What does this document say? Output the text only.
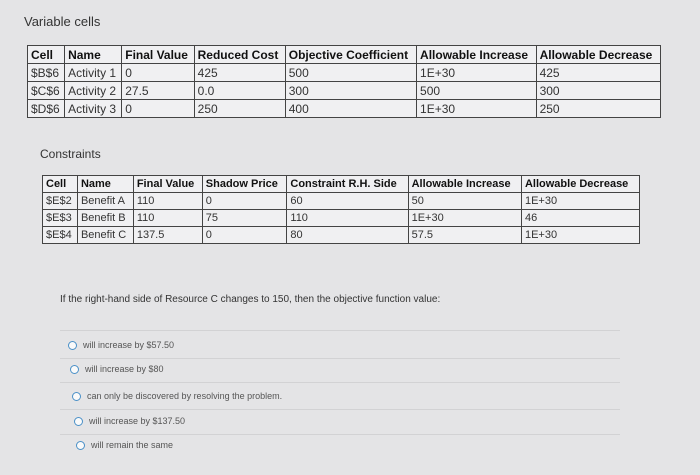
Variable cells
Cell	Name	Final Value	Reduced Cost	Objective Coefficient	Allowable Increase	Allowable Decrease
$B$6	Activity 1	0	425	500	1E+30	425
$C$6	Activity 2	27.5	0.0	300	500	300
$D$6	Activity 3	0	250	400	1E+30	250
Constraints
Cell	Name	Final Value	Shadow Price	Constraint R.H. Side	Allowable Increase	Allowable Decrease
$E$2	Benefit A	110	0	60	50	1E+30
$E$3	Benefit B	110	75	110	1E+30	46
$E$4	Benefit C	137.5	0	80	57.5	1E+30
If the right-hand side of Resource C changes to 150, then the objective function value:
will increase by $57.50
will increase by $80
can only be discovered by resolving the problem.
will increase by $137.50
will remain the same
